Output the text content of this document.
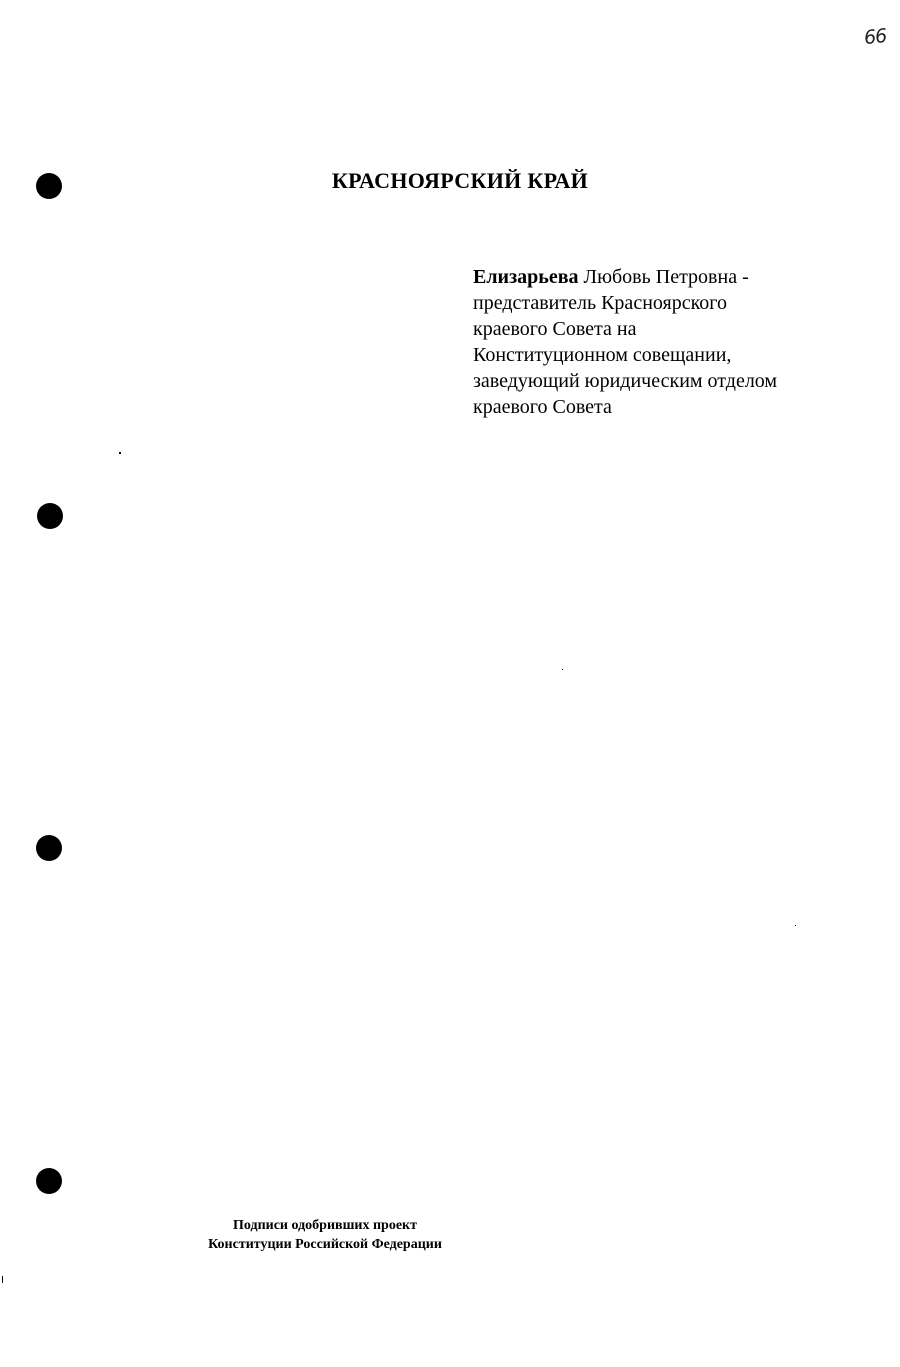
66
КРАСНОЯРСКИЙ КРАЙ

Елизарьева Любовь Петровна -

представитель Красноярского

краевого Совета на

Конституционном совещании,

заведующий юридическим отделом

краевого Совета

Подписи одобривших проект
Конституции Российской Федерации
